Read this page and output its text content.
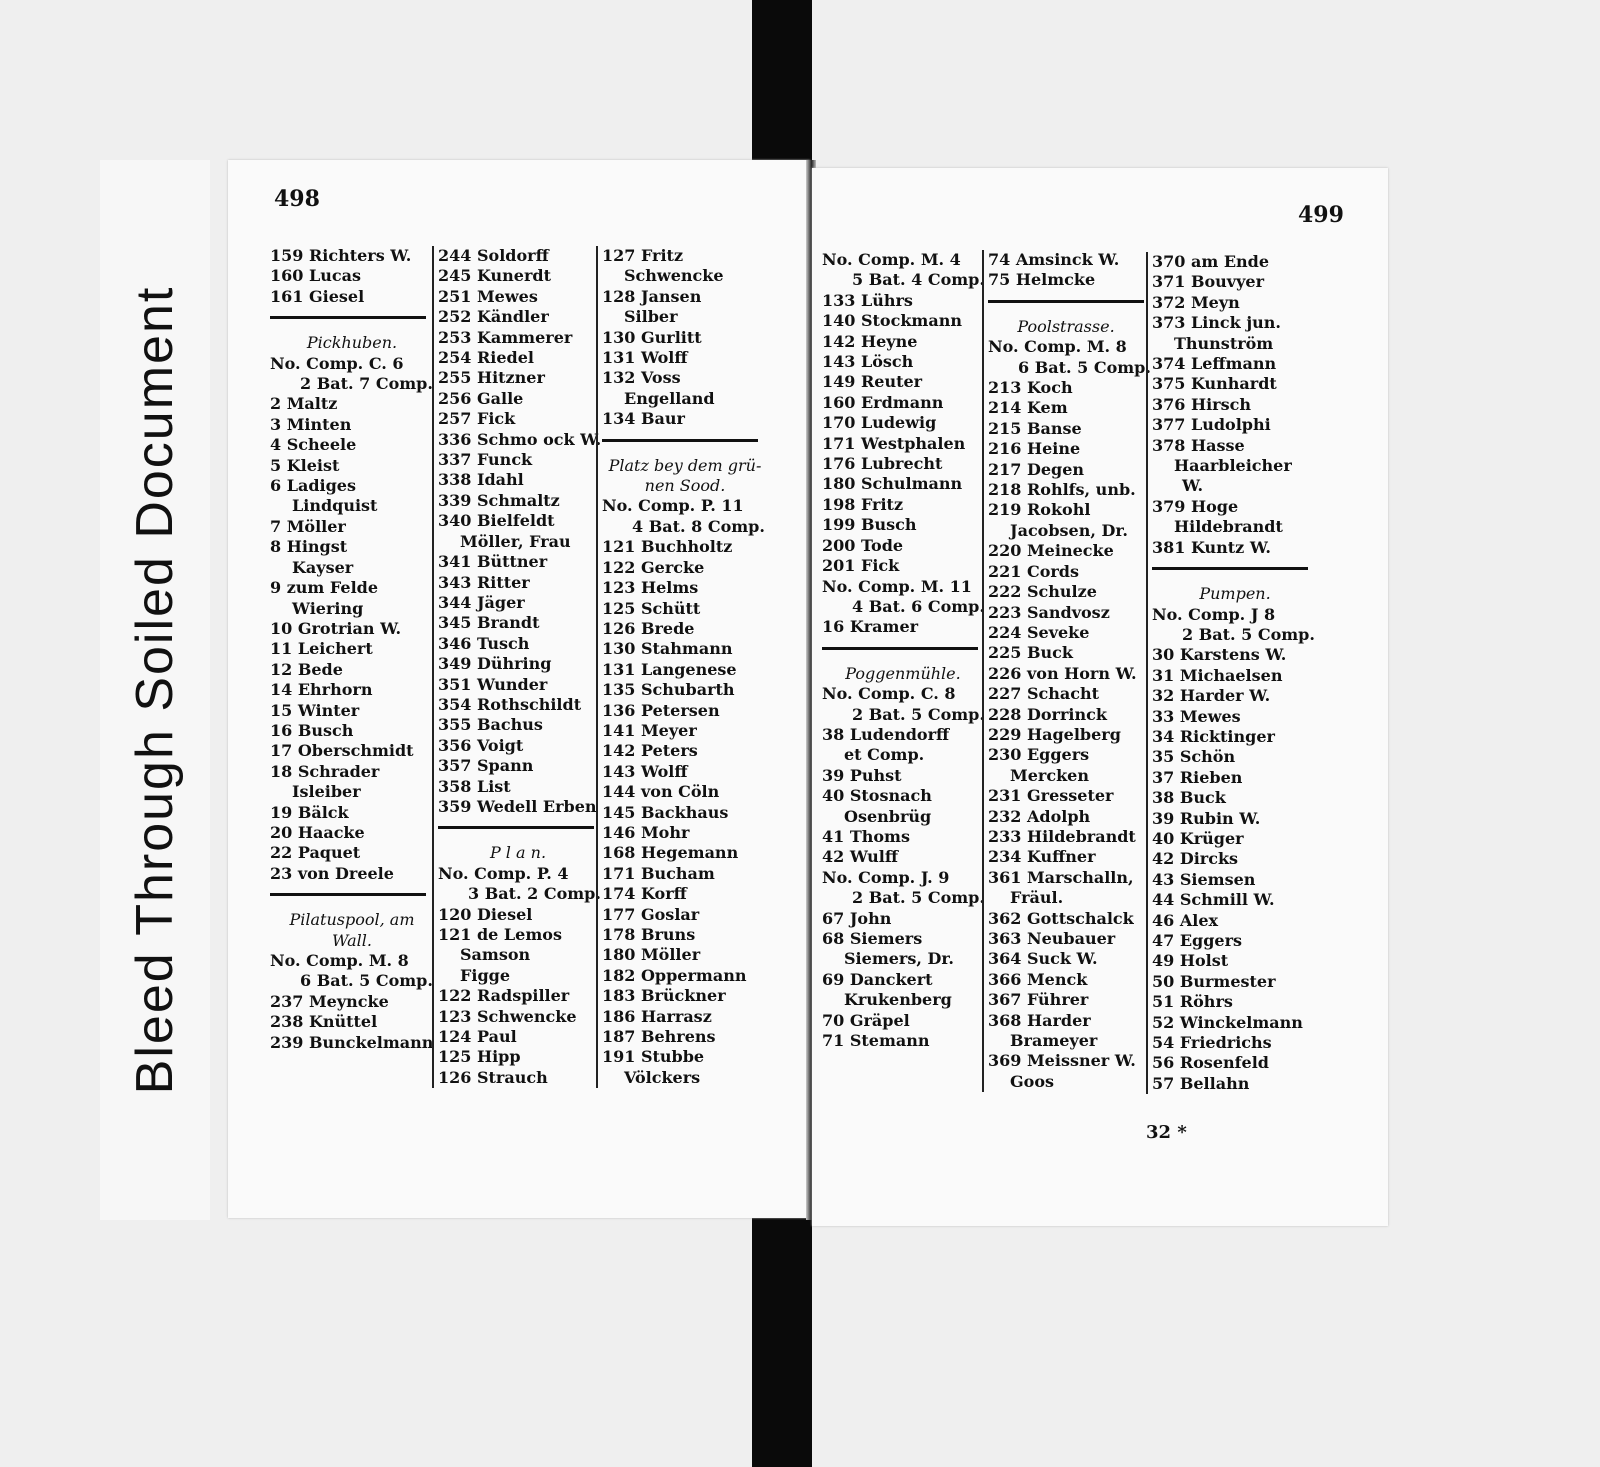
Bleed Through Soiled Document
498
159 Richters W.
160 Lucas
161 Giesel
Pickhuben.
No. Comp. C. 6
2 Bat. 7 Comp.
2 Maltz
3 Minten
4 Scheele
5 Kleist
6 Ladiges
Lindquist
7 Möller
8 Hingst
Kayser
9 zum Felde
Wiering
10 Grotrian W.
11 Leichert
12 Bede
14 Ehrhorn
15 Winter
16 Busch
17 Oberschmidt
18 Schrader
Isleiber
19 Bälck
20 Haacke
22 Paquet
23 von Dreele
Pilatuspool, am
Wall.
No. Comp. M. 8
6 Bat. 5 Comp.
237 Meyncke
238 Knüttel
239 Bunckelmann
244 Soldorff
245 Kunerdt
251 Mewes
252 Kändler
253 Kammerer
254 Riedel
255 Hitzner
256 Galle
257 Fick
336 Schmo ock W.
337 Funck
338 Idahl
339 Schmaltz
340 Bielfeldt
Möller, Frau
341 Büttner
343 Ritter
344 Jäger
345 Brandt
346 Tusch
349 Dühring
351 Wunder
354 Rothschildt
355 Bachus
356 Voigt
357 Spann
358 List
359 Wedell Erben
P l a n.
No. Comp. P. 4
3 Bat. 2 Comp.
120 Diesel
121 de Lemos
Samson
Figge
122 Radspiller
123 Schwencke
124 Paul
125 Hipp
126 Strauch
127 Fritz
Schwencke
128 Jansen
Silber
130 Gurlitt
131 Wolff
132 Voss
Engelland
134 Baur
Platz bey dem grü-
nen Sood.
No. Comp. P. 11
4 Bat. 8 Comp.
121 Buchholtz
122 Gercke
123 Helms
125 Schütt
126 Brede
130 Stahmann
131 Langenese
135 Schubarth
136 Petersen
141 Meyer
142 Peters
143 Wolff
144 von Cöln
145 Backhaus
146 Mohr
168 Hegemann
171 Bucham
174 Korff
177 Goslar
178 Bruns
180 Möller
182 Oppermann
183 Brückner
186 Harrasz
187 Behrens
191 Stubbe
Völckers
499
No. Comp. M. 4
5 Bat. 4 Comp.
133 Lührs
140 Stockmann
142 Heyne
143 Lösch
149 Reuter
160 Erdmann
170 Ludewig
171 Westphalen
176 Lubrecht
180 Schulmann
198 Fritz
199 Busch
200 Tode
201 Fick
No. Comp. M. 11
4 Bat. 6 Comp.
16 Kramer
Poggenmühle.
No. Comp. C. 8
2 Bat. 5 Comp.
38 Ludendorff
et Comp.
39 Puhst
40 Stosnach
Osenbrüg
41 Thoms
42 Wulff
No. Comp. J. 9
2 Bat. 5 Comp.
67 John
68 Siemers
Siemers, Dr.
69 Danckert
Krukenberg
70 Gräpel
71 Stemann
74 Amsinck W.
75 Helmcke
Poolstrasse.
No. Comp. M. 8
6 Bat. 5 Comp.
213 Koch
214 Kem
215 Banse
216 Heine
217 Degen
218 Rohlfs, unb.
219 Rokohl
Jacobsen, Dr.
220 Meinecke
221 Cords
222 Schulze
223 Sandvosz
224 Seveke
225 Buck
226 von Horn W.
227 Schacht
228 Dorrinck
229 Hagelberg
230 Eggers
Mercken
231 Gresseter
232 Adolph
233 Hildebrandt
234 Kuffner
361 Marschalln,
Fräul.
362 Gottschalck
363 Neubauer
364 Suck W.
366 Menck
367 Führer
368 Harder
Brameyer
369 Meissner W.
Goos
370 am Ende
371 Bouvyer
372 Meyn
373 Linck jun.
Thunström
374 Leffmann
375 Kunhardt
376 Hirsch
377 Ludolphi
378 Hasse
Haarbleicher
W.
379 Hoge
Hildebrandt
381 Kuntz W.
Pumpen.
No. Comp. J 8
2 Bat. 5 Comp.
30 Karstens W.
31 Michaelsen
32 Harder W.
33 Mewes
34 Ricktinger
35 Schön
37 Rieben
38 Buck
39 Rubin W.
40 Krüger
42 Dircks
43 Siemsen
44 Schmill W.
46 Alex
47 Eggers
49 Holst
50 Burmester
51 Röhrs
52 Winckelmann
54 Friedrichs
56 Rosenfeld
57 Bellahn
32 *
